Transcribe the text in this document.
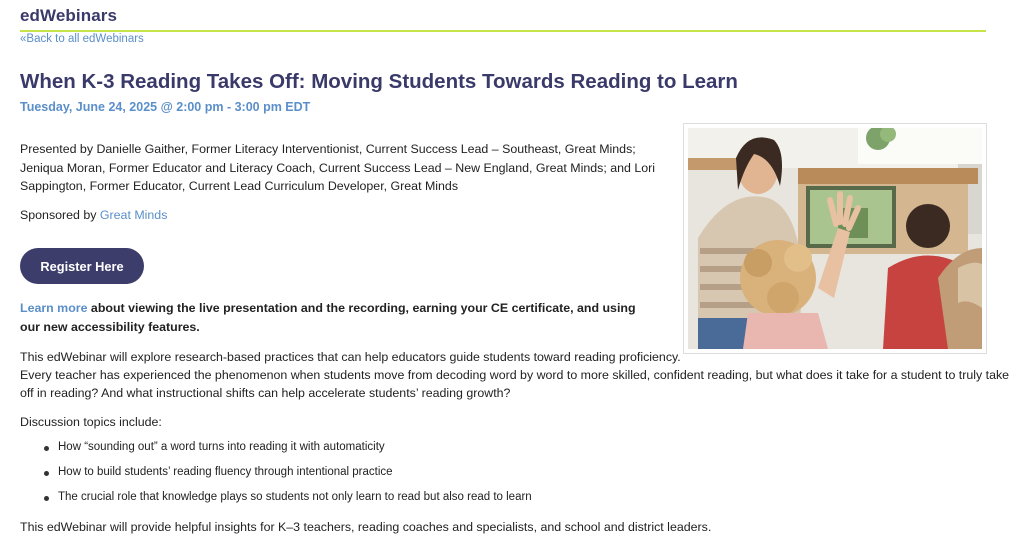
edWebinars
«Back to all edWebinars
When K-3 Reading Takes Off: Moving Students Towards Reading to Learn
Tuesday, June 24, 2025 @ 2:00 pm - 3:00 pm EDT

Presented by Danielle Gaither, Former Literacy Interventionist, Current Success Lead – Southeast, Great Minds; Jeniqua Moran, Former Educator and Literacy Coach, Current Success Lead – New England, Great Minds; and Lori Sappington, Former Educator, Current Lead Curriculum Developer, Great Minds

Sponsored by Great Minds

Register Here

Learn more about viewing the live presentation and the recording, earning your CE certificate, and using our new accessibility features.

This edWebinar will explore research-based practices that can help educators guide students toward reading proficiency.
Every teacher has experienced the phenomenon when students move from decoding word by word to more skilled, confident reading, but what does it take for a student to truly take off in reading? And what instructional shifts can help accelerate students’ reading growth?

Discussion topics include:

How “sounding out” a word turns into reading it with automaticity
How to build students’ reading fluency through intentional practice
The crucial role that knowledge plays so students not only learn to read but also read to learn

This edWebinar will provide helpful insights for K–3 teachers, reading coaches and specialists, and school and district leaders.
